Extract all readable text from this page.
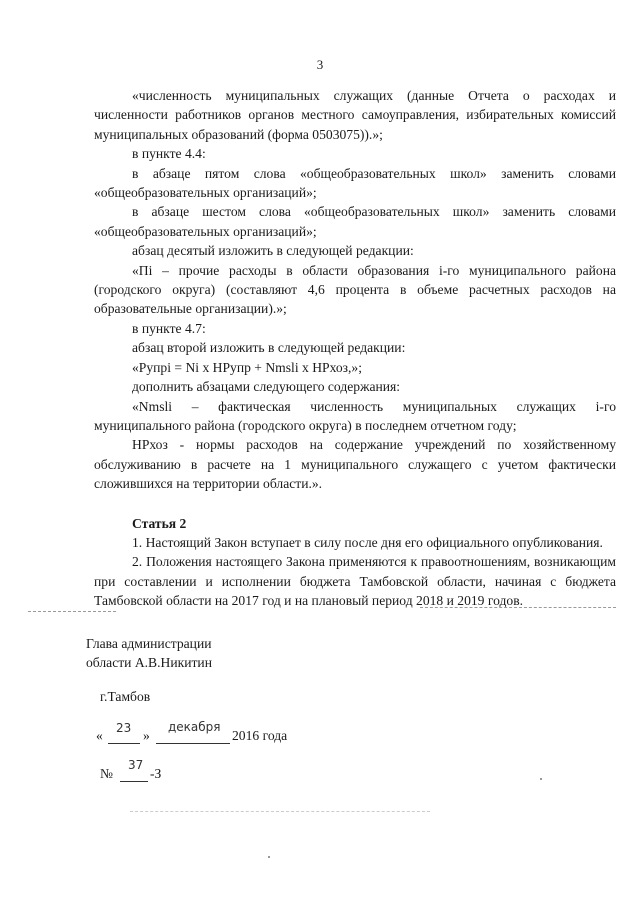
3

«численность муниципальных служащих (данные Отчета о расходах и численности работников органов местного самоуправления, избирательных комиссий муниципальных образований (форма 0503075)).»;

в пункте 4.4:

в абзаце пятом слова «общеобразовательных школ» заменить словами «общеобразовательных организаций»;

в абзаце шестом слова «общеобразовательных школ» заменить словами «общеобразовательных организаций»;

абзац десятый изложить в следующей редакции:

«Пi – прочие расходы в области образования i-го муниципального района (городского округа) (составляют 4,6 процента в объеме расчетных расходов на образовательные организации).»;

в пункте 4.7:

абзац второй изложить в следующей редакции:

«Рупрi = Ni x НРупр + Nmsli x НРхоз,»;

дополнить абзацами следующего содержания:

«Nmsli – фактическая численность муниципальных служащих i-го муниципального района (городского округа) в последнем отчетном году;

НРхоз - нормы расходов на содержание учреждений по хозяйственному обслуживанию в расчете на 1 муниципального служащего с учетом фактически сложившихся на территории области.».

Статья 2

1. Настоящий Закон вступает в силу после дня его официального опубликования.

2. Положения настоящего Закона применяются к правоотношениям, возникающим при составлении и исполнении бюджета Тамбовской области, начиная с бюджета Тамбовской области на 2017 год и на плановый период 2018 и 2019 годов.

Глава администрации
области А.В.Никитин
г.Тамбов
« 23 »
декабря
2016 года
№
37
-З
